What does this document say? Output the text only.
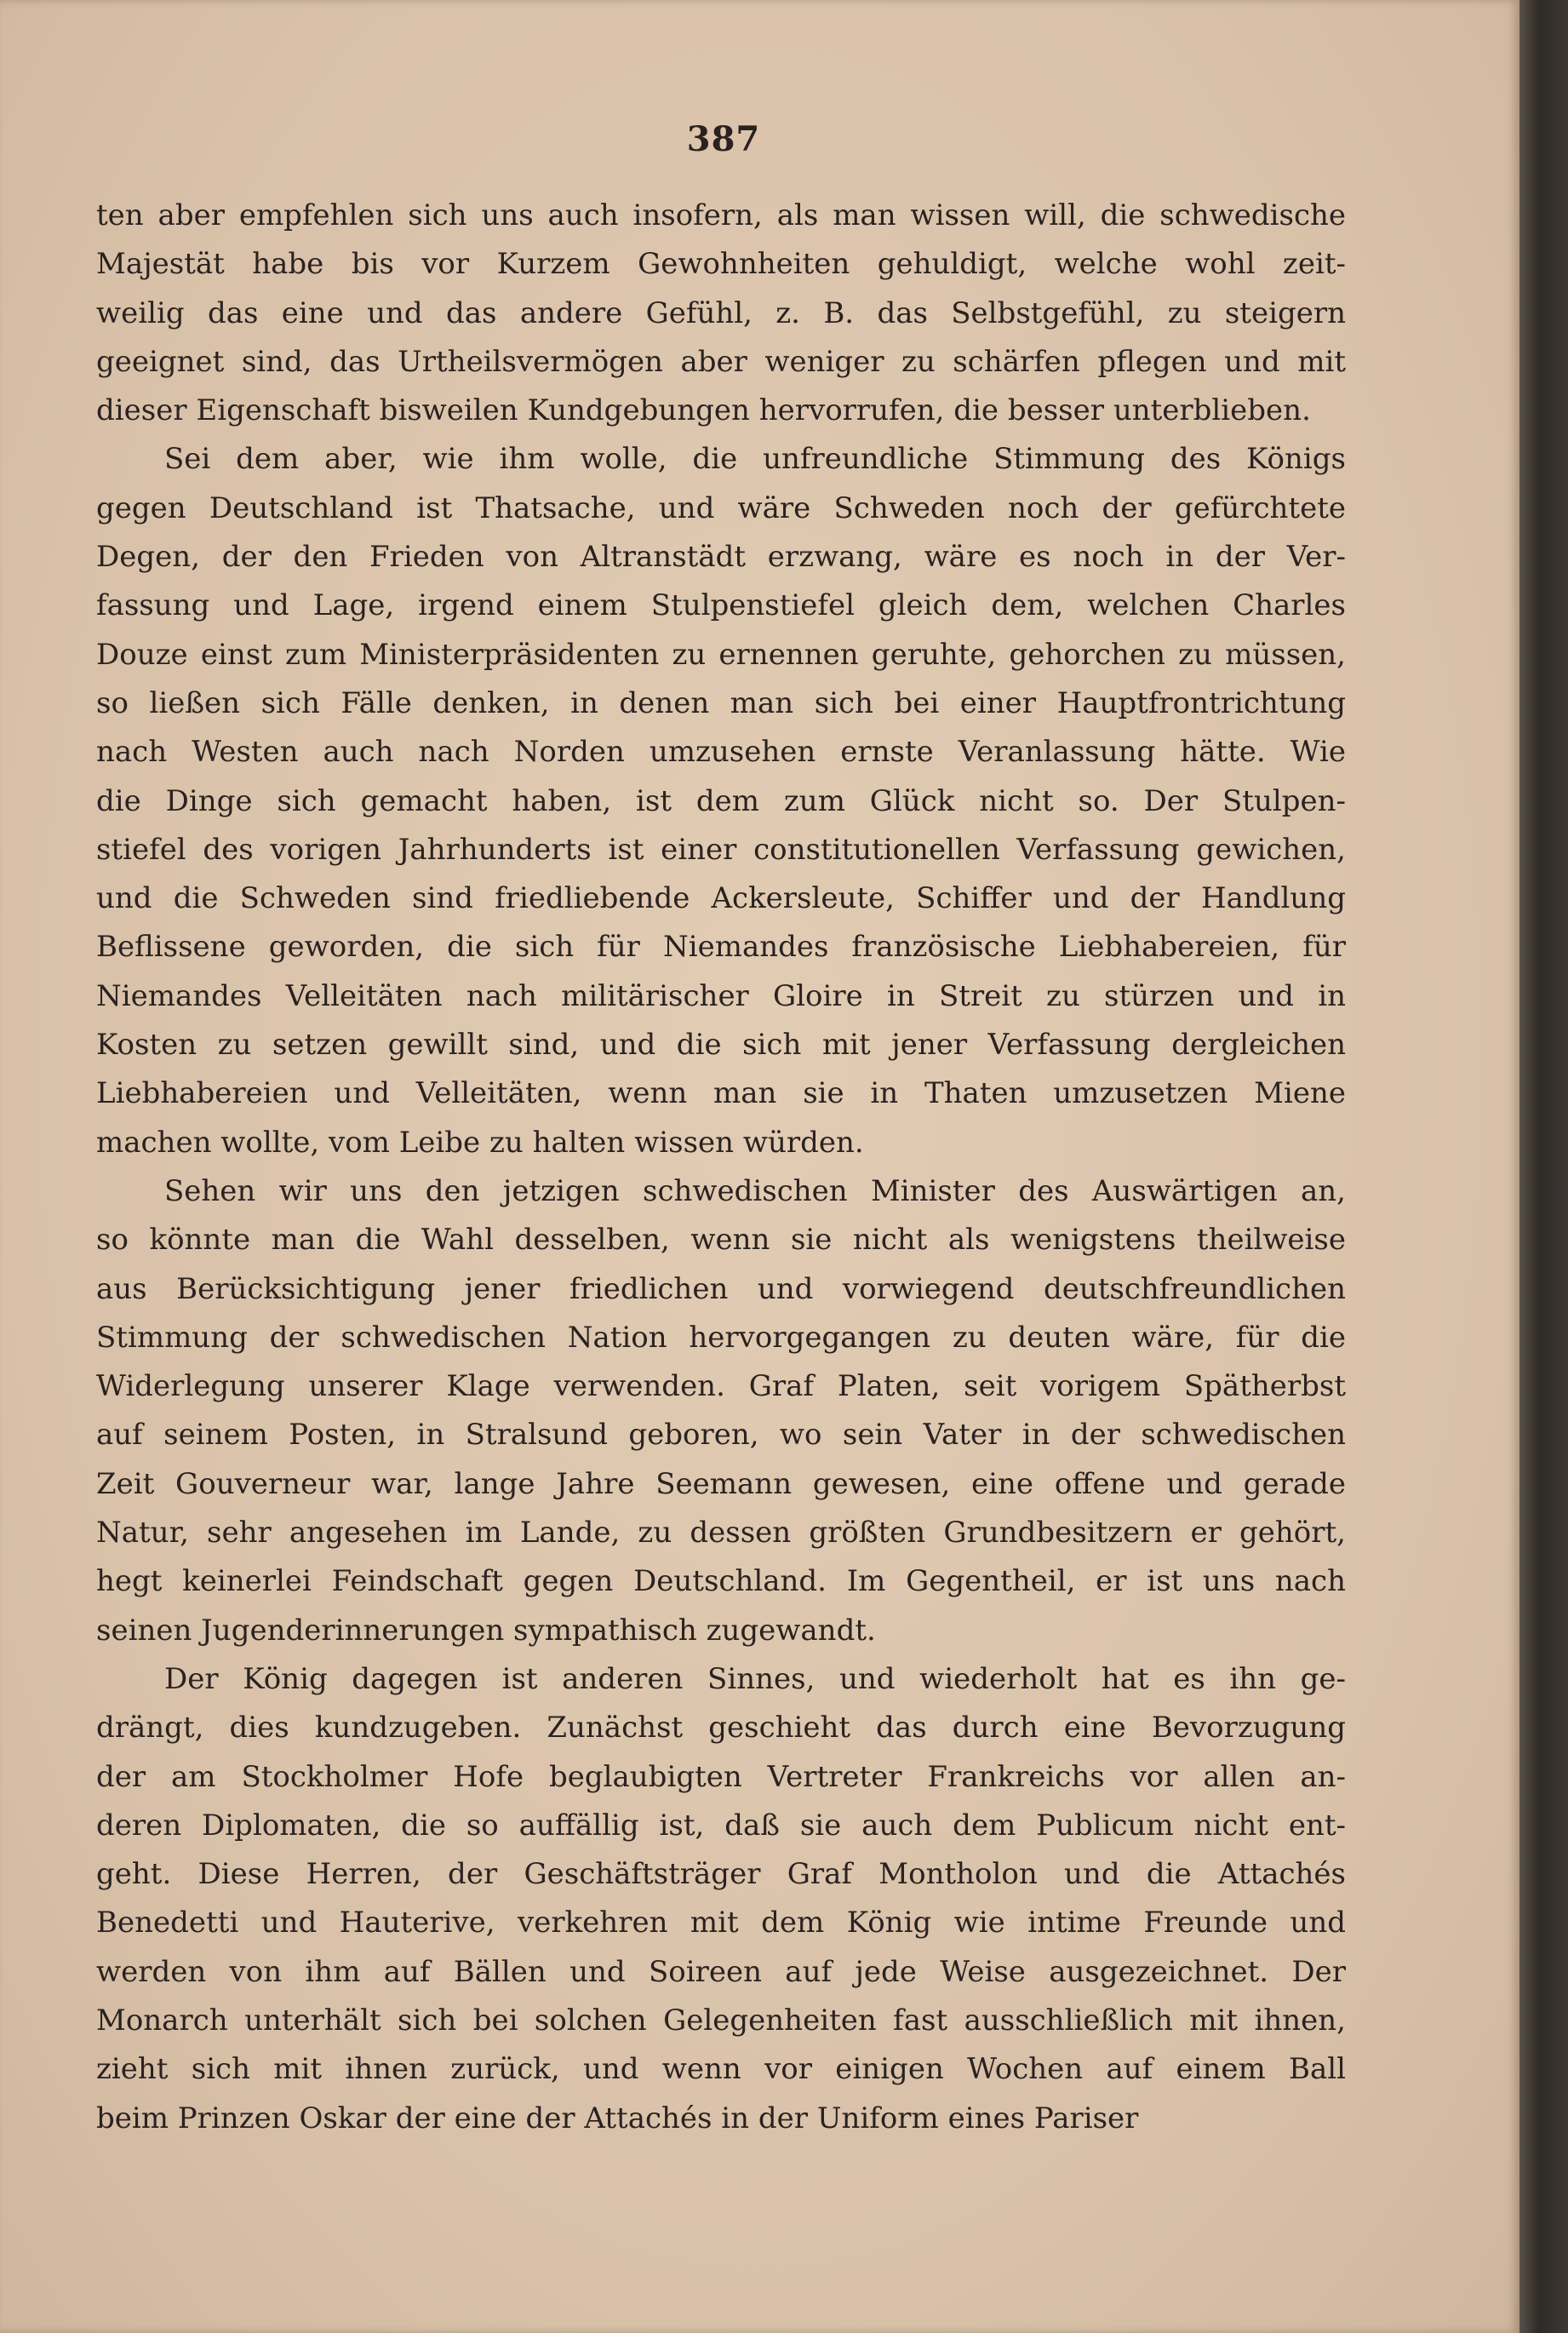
387
ten aber empfehlen sich uns auch insofern, als man wissen will, die schwedische
Majestät habe bis vor Kurzem Gewohnheiten gehuldigt, welche wohl zeit-
weilig das eine und das andere Gefühl, z. B. das Selbstgefühl, zu steigern
geeignet sind, das Urtheilsvermögen aber weniger zu schärfen pflegen und mit
dieser Eigenschaft bisweilen Kundgebungen hervorrufen, die besser unterblieben.
Sei dem aber, wie ihm wolle, die unfreundliche Stimmung des Königs
gegen Deutschland ist Thatsache, und wäre Schweden noch der gefürchtete
Degen, der den Frieden von Altranstädt erzwang, wäre es noch in der Ver-
fassung und Lage, irgend einem Stulpenstiefel gleich dem, welchen Charles
Douze einst zum Ministerpräsidenten zu ernennen geruhte, gehorchen zu müssen,
so ließen sich Fälle denken, in denen man sich bei einer Hauptfrontrichtung
nach Westen auch nach Norden umzusehen ernste Veranlassung hätte. Wie
die Dinge sich gemacht haben, ist dem zum Glück nicht so. Der Stulpen-
stiefel des vorigen Jahrhunderts ist einer constitutionellen Verfassung gewichen,
und die Schweden sind friedliebende Ackersleute, Schiffer und der Handlung
Beflissene geworden, die sich für Niemandes französische Liebhabereien, für
Niemandes Velleitäten nach militärischer Gloire in Streit zu stürzen und in
Kosten zu setzen gewillt sind, und die sich mit jener Verfassung dergleichen
Liebhabereien und Velleitäten, wenn man sie in Thaten umzusetzen Miene
machen wollte, vom Leibe zu halten wissen würden.
Sehen wir uns den jetzigen schwedischen Minister des Auswärtigen an,
so könnte man die Wahl desselben, wenn sie nicht als wenigstens theilweise
aus Berücksichtigung jener friedlichen und vorwiegend deutschfreundlichen
Stimmung der schwedischen Nation hervorgegangen zu deuten wäre, für die
Widerlegung unserer Klage verwenden. Graf Platen, seit vorigem Spätherbst
auf seinem Posten, in Stralsund geboren, wo sein Vater in der schwedischen
Zeit Gouverneur war, lange Jahre Seemann gewesen, eine offene und gerade
Natur, sehr angesehen im Lande, zu dessen größten Grundbesitzern er gehört,
hegt keinerlei Feindschaft gegen Deutschland. Im Gegentheil, er ist uns nach
seinen Jugenderinnerungen sympathisch zugewandt.
Der König dagegen ist anderen Sinnes, und wiederholt hat es ihn ge-
drängt, dies kundzugeben. Zunächst geschieht das durch eine Bevorzugung
der am Stockholmer Hofe beglaubigten Vertreter Frankreichs vor allen an-
deren Diplomaten, die so auffällig ist, daß sie auch dem Publicum nicht ent-
geht. Diese Herren, der Geschäftsträger Graf Montholon und die Attachés
Benedetti und Hauterive, verkehren mit dem König wie intime Freunde und
werden von ihm auf Bällen und Soireen auf jede Weise ausgezeichnet. Der
Monarch unterhält sich bei solchen Gelegenheiten fast ausschließlich mit ihnen,
zieht sich mit ihnen zurück, und wenn vor einigen Wochen auf einem Ball
beim Prinzen Oskar der eine der Attachés in der Uniform eines Pariser
